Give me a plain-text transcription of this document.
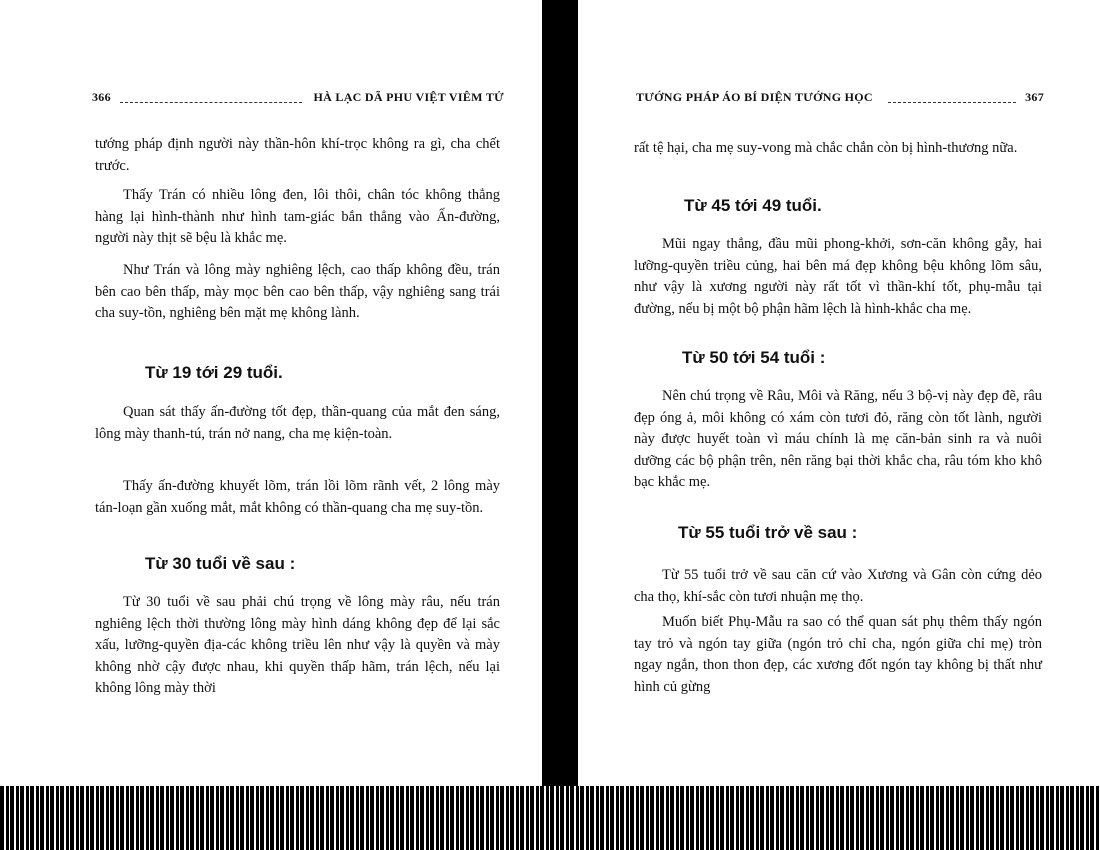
366	HÀ LẠC DÃ PHU VIỆT VIÊM TỬ

tướng pháp định người này thần-hôn khí-trọc không ra gì, cha chết trước.

Thấy Trán có nhiều lông đen, lôi thôi, chân tóc không thẳng hàng lại hình-thành như hình tam-giác bắn thẳng vào Ấn-đường, người này thịt sẽ bệu là khắc mẹ.

Như Trán và lông mày nghiêng lệch, cao thấp không đều, trán bên cao bên thấp, mày mọc bên cao bên thấp, vậy nghiêng sang trái cha suy-tồn, nghiêng bên mặt mẹ không lành.

Từ 19 tới 29 tuổi.

Quan sát thấy ấn-đường tốt đẹp, thần-quang của mắt đen sáng, lông mày thanh-tú, trán nở nang, cha mẹ kiện-toàn.

Thấy ấn-đường khuyết lõm, trán lồi lõm rãnh vết, 2 lông mày tán-loạn gần xuống mắt, mắt không có thần-quang cha mẹ suy-tồn.

Từ 30 tuổi về sau :

Từ 30 tuổi về sau phải chú trọng về lông mày râu, nếu trán nghiêng lệch thời thường lông mày hình dáng không đẹp để lại sắc xấu, lưỡng-quyền địa-các không triều lên như vậy là quyền và mày không nhờ cậy được nhau, khi quyền thấp hãm, trán lệch, nếu lại không lông mày thời

TƯỚNG PHÁP ÁO BÍ DIỆN TƯỚNG HỌC	367

rất tệ hại, cha mẹ suy-vong mà chắc chắn còn bị hình-thương nữa.

Từ 45 tới 49 tuổi.

Mũi ngay thẳng, đầu mũi phong-khởi, sơn-căn không gẫy, hai lưỡng-quyền triều củng, hai bên má đẹp không bệu không lõm sâu, như vậy là xương người này rất tốt vì thần-khí tốt, phụ-mẫu tại đường, nếu bị một bộ phận hãm lệch là hình-khắc cha mẹ.

Từ 50 tới 54 tuổi :

Nên chú trọng về Râu, Môi và Răng, nếu 3 bộ-vị này đẹp đẽ, râu đẹp óng ả, môi không có xám còn tươi đỏ, răng còn tốt lành, người này được huyết toàn vì máu chính là mẹ căn-bản sinh ra và nuôi dưỡng các bộ phận trên, nên răng bại thời khắc cha, râu tóm kho khô bạc khắc mẹ.

Từ 55 tuổi trở về sau :

Từ 55 tuổi trở về sau căn cứ vào Xương và Gân còn cứng dẻo cha thọ, khí-sắc còn tươi nhuận mẹ thọ.

Muốn biết Phụ-Mẫu ra sao có thể quan sát phụ thêm thấy ngón tay trỏ và ngón tay giữa (ngón trỏ chỉ cha, ngón giữa chỉ mẹ) tròn ngay ngắn, thon thon đẹp, các xương đốt ngón tay không bị thất như hình củ gừng
